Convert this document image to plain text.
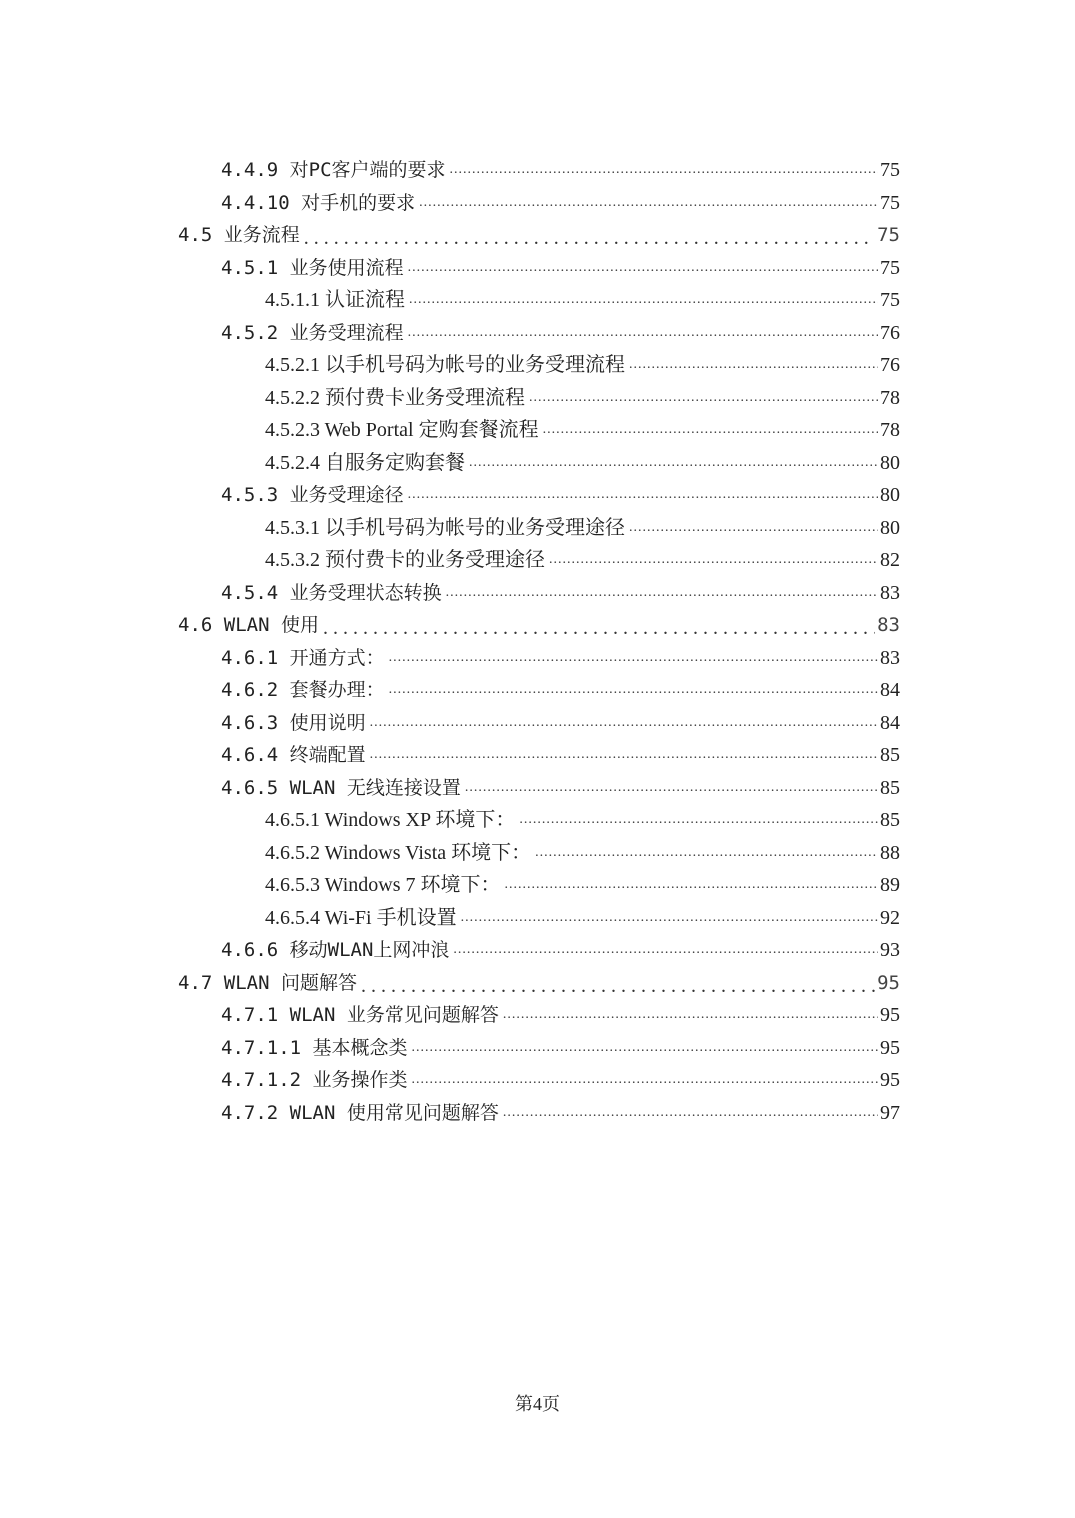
4.4.9 对PC客户端的要求 .....	75
4.4.10 对手机的要求 .....	75
4.5 业务流程 .....	75
4.5.1 业务使用流程 .....	75
4.5.1.1 认证流程 .....	75
4.5.2 业务受理流程 .....	76
4.5.2.1 以手机号码为帐号的业务受理流程 .....	76
4.5.2.2 预付费卡业务受理流程 .....	78
4.5.2.3 Web Portal 定购套餐流程 .....	78
4.5.2.4 自服务定购套餐 .....	80
4.5.3 业务受理途径 .....	80
4.5.3.1 以手机号码为帐号的业务受理途径 .....	80
4.5.3.2 预付费卡的业务受理途径 .....	82
4.5.4 业务受理状态转换 .....	83
4.6 WLAN 使用 .....	83
4.6.1 开通方式： .....	83
4.6.2 套餐办理： .....	84
4.6.3 使用说明 .....	84
4.6.4 终端配置 .....	85
4.6.5 WLAN 无线连接设置 .....	85
4.6.5.1 Windows XP 环境下： .....	85
4.6.5.2 Windows Vista 环境下： .....	88
4.6.5.3 Windows 7 环境下： .....	89
4.6.5.4 Wi-Fi 手机设置 .....	92
4.6.6 移动WLAN上网冲浪 .....	93
4.7 WLAN 问题解答 .....	95
4.7.1 WLAN 业务常见问题解答 .....	95
4.7.1.1 基本概念类 .....	95
4.7.1.2 业务操作类 .....	95
4.7.2 WLAN 使用常见问题解答 .....	97
第4页
